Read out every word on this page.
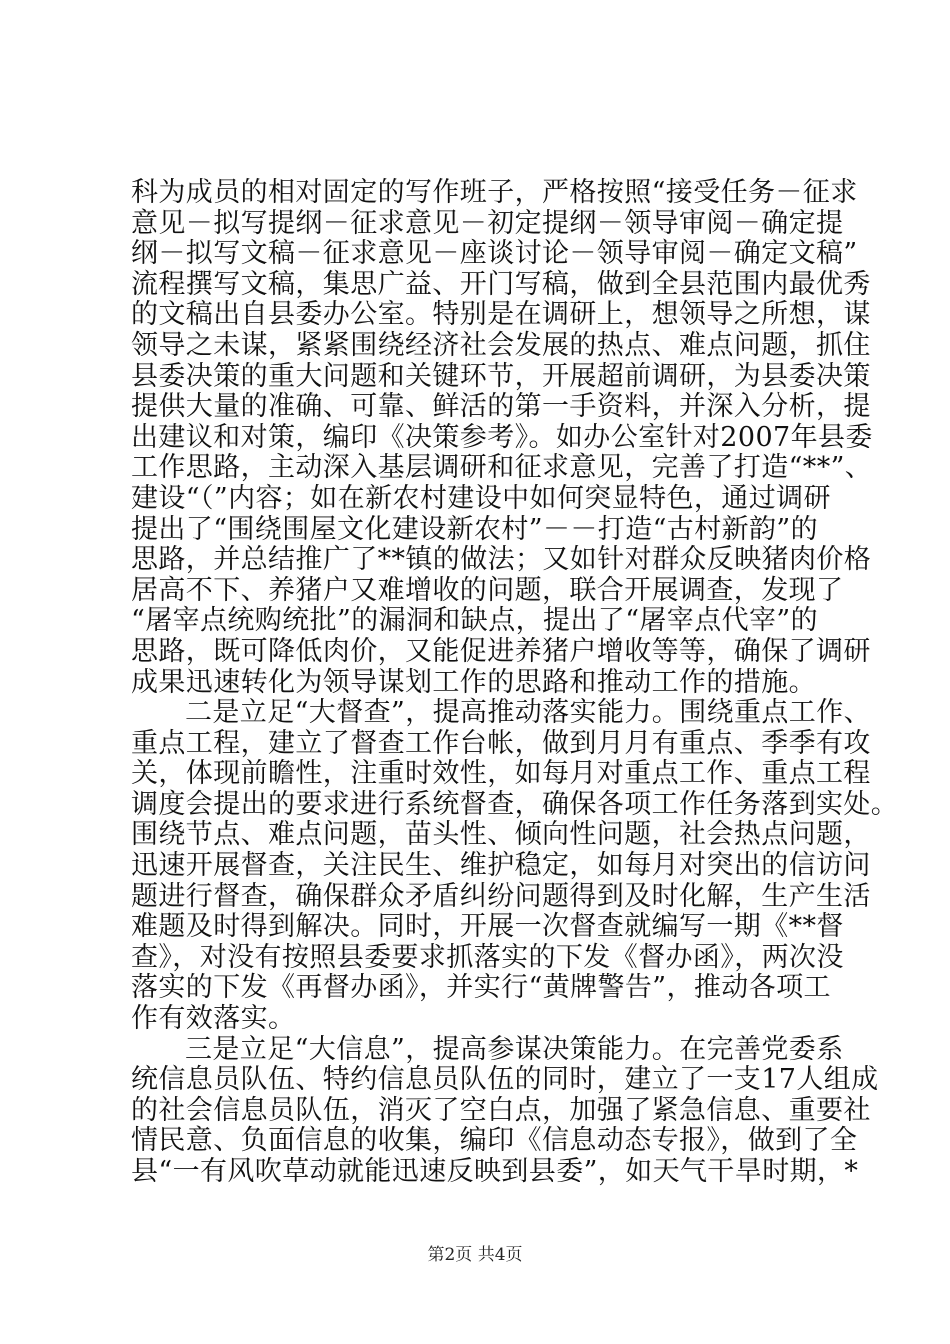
科为成员的相对固定的写作班子，严格按照“接受任务－征求
意见－拟写提纲－征求意见－初定提纲－领导审阅－确定提
纲－拟写文稿－征求意见－座谈讨论－领导审阅－确定文稿”
流程撰写文稿，集思广益、开门写稿，做到全县范围内最优秀
的文稿出自县委办公室。特别是在调研上，想领导之所想，谋
领导之未谋，紧紧围绕经济社会发展的热点、难点问题，抓住
县委决策的重大问题和关键环节，开展超前调研，为县委决策
提供大量的准确、可靠、鲜活的第一手资料，并深入分析，提
出建议和对策，编印《决策参考》。如办公室针对2007年县委
工作思路，主动深入基层调研和征求意见，完善了打造“**”、
建设“（”内容；如在新农村建设中如何突显特色，通过调研
提出了“围绕围屋文化建设新农村”－－打造“古村新韵”的
思路，并总结推广了**镇的做法；又如针对群众反映猪肉价格
居高不下、养猪户又难增收的问题，联合开展调查，发现了
“屠宰点统购统批”的漏洞和缺点，提出了“屠宰点代宰”的
思路，既可降低肉价，又能促进养猪户增收等等，确保了调研
成果迅速转化为领导谋划工作的思路和推动工作的措施。
二是立足“大督查”，提高推动落实能力。围绕重点工作、
重点工程，建立了督查工作台帐，做到月月有重点、季季有攻
关，体现前瞻性，注重时效性，如每月对重点工作、重点工程
调度会提出的要求进行系统督查，确保各项工作任务落到实处。
围绕节点、难点问题，苗头性、倾向性问题，社会热点问题，
迅速开展督查，关注民生、维护稳定，如每月对突出的信访问
题进行督查，确保群众矛盾纠纷问题得到及时化解，生产生活
难题及时得到解决。同时，开展一次督查就编写一期《**督
查》，对没有按照县委要求抓落实的下发《督办函》，两次没
落实的下发《再督办函》，并实行“黄牌警告”，推动各项工
作有效落实。
三是立足“大信息”，提高参谋决策能力。在完善党委系
统信息员队伍、特约信息员队伍的同时，建立了一支17人组成
的社会信息员队伍，消灭了空白点，加强了紧急信息、重要社
情民意、负面信息的收集，编印《信息动态专报》，做到了全
县“一有风吹草动就能迅速反映到县委”，如天气干旱时期，*
第2页 共4页
